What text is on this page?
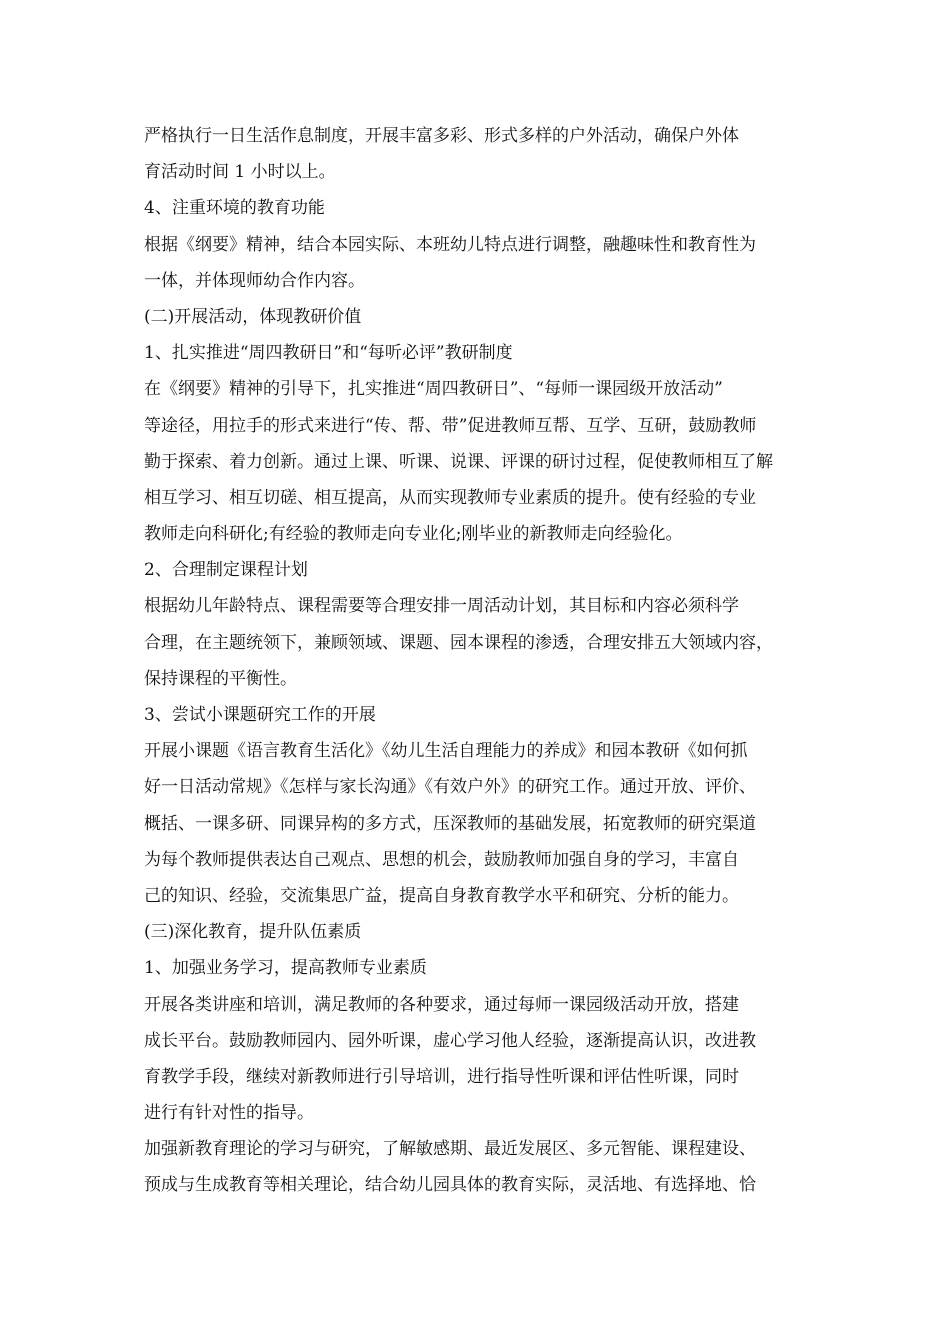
严格执行一日生活作息制度，开展丰富多彩、形式多样的户外活动，确保户外体
育活动时间 1 小时以上。
4、注重环境的教育功能
根据《纲要》精神，结合本园实际、本班幼儿特点进行调整，融趣味性和教育性为
一体，并体现师幼合作内容。
(二)开展活动，体现教研价值
1、扎实推进“周四教研日”和“每听必评”教研制度
在《纲要》精神的引导下，扎实推进“周四教研日”、“每师一课园级开放活动”
等途径，用拉手的形式来进行“传、帮、带”促进教师互帮、互学、互研，鼓励教师
勤于探索、着力创新。通过上课、听课、说课、评课的研讨过程，促使教师相互了解
相互学习、相互切磋、相互提高，从而实现教师专业素质的提升。使有经验的专业
教师走向科研化;有经验的教师走向专业化;刚毕业的新教师走向经验化。
2、合理制定课程计划
根据幼儿年龄特点、课程需要等合理安排一周活动计划，其目标和内容必须科学
合理，在主题统领下，兼顾领域、课题、园本课程的渗透，合理安排五大领域内容，
保持课程的平衡性。
3、尝试小课题研究工作的开展
开展小课题《语言教育生活化》《幼儿生活自理能力的养成》和园本教研《如何抓
好一日活动常规》《怎样与家长沟通》《有效户外》的研究工作。通过开放、评价、
概括、一课多研、同课异构的多方式，压深教师的基础发展，拓宽教师的研究渠道
为每个教师提供表达自己观点、思想的机会，鼓励教师加强自身的学习，丰富自
己的知识、经验，交流集思广益，提高自身教育教学水平和研究、分析的能力。
(三)深化教育，提升队伍素质
1、加强业务学习，提高教师专业素质
开展各类讲座和培训，满足教师的各种要求，通过每师一课园级活动开放，搭建
成长平台。鼓励教师园内、园外听课，虚心学习他人经验，逐渐提高认识，改进教
育教学手段，继续对新教师进行引导培训，进行指导性听课和评估性听课，同时
进行有针对性的指导。
加强新教育理论的学习与研究，了解敏感期、最近发展区、多元智能、课程建设、
预成与生成教育等相关理论，结合幼儿园具体的教育实际，灵活地、有选择地、恰
